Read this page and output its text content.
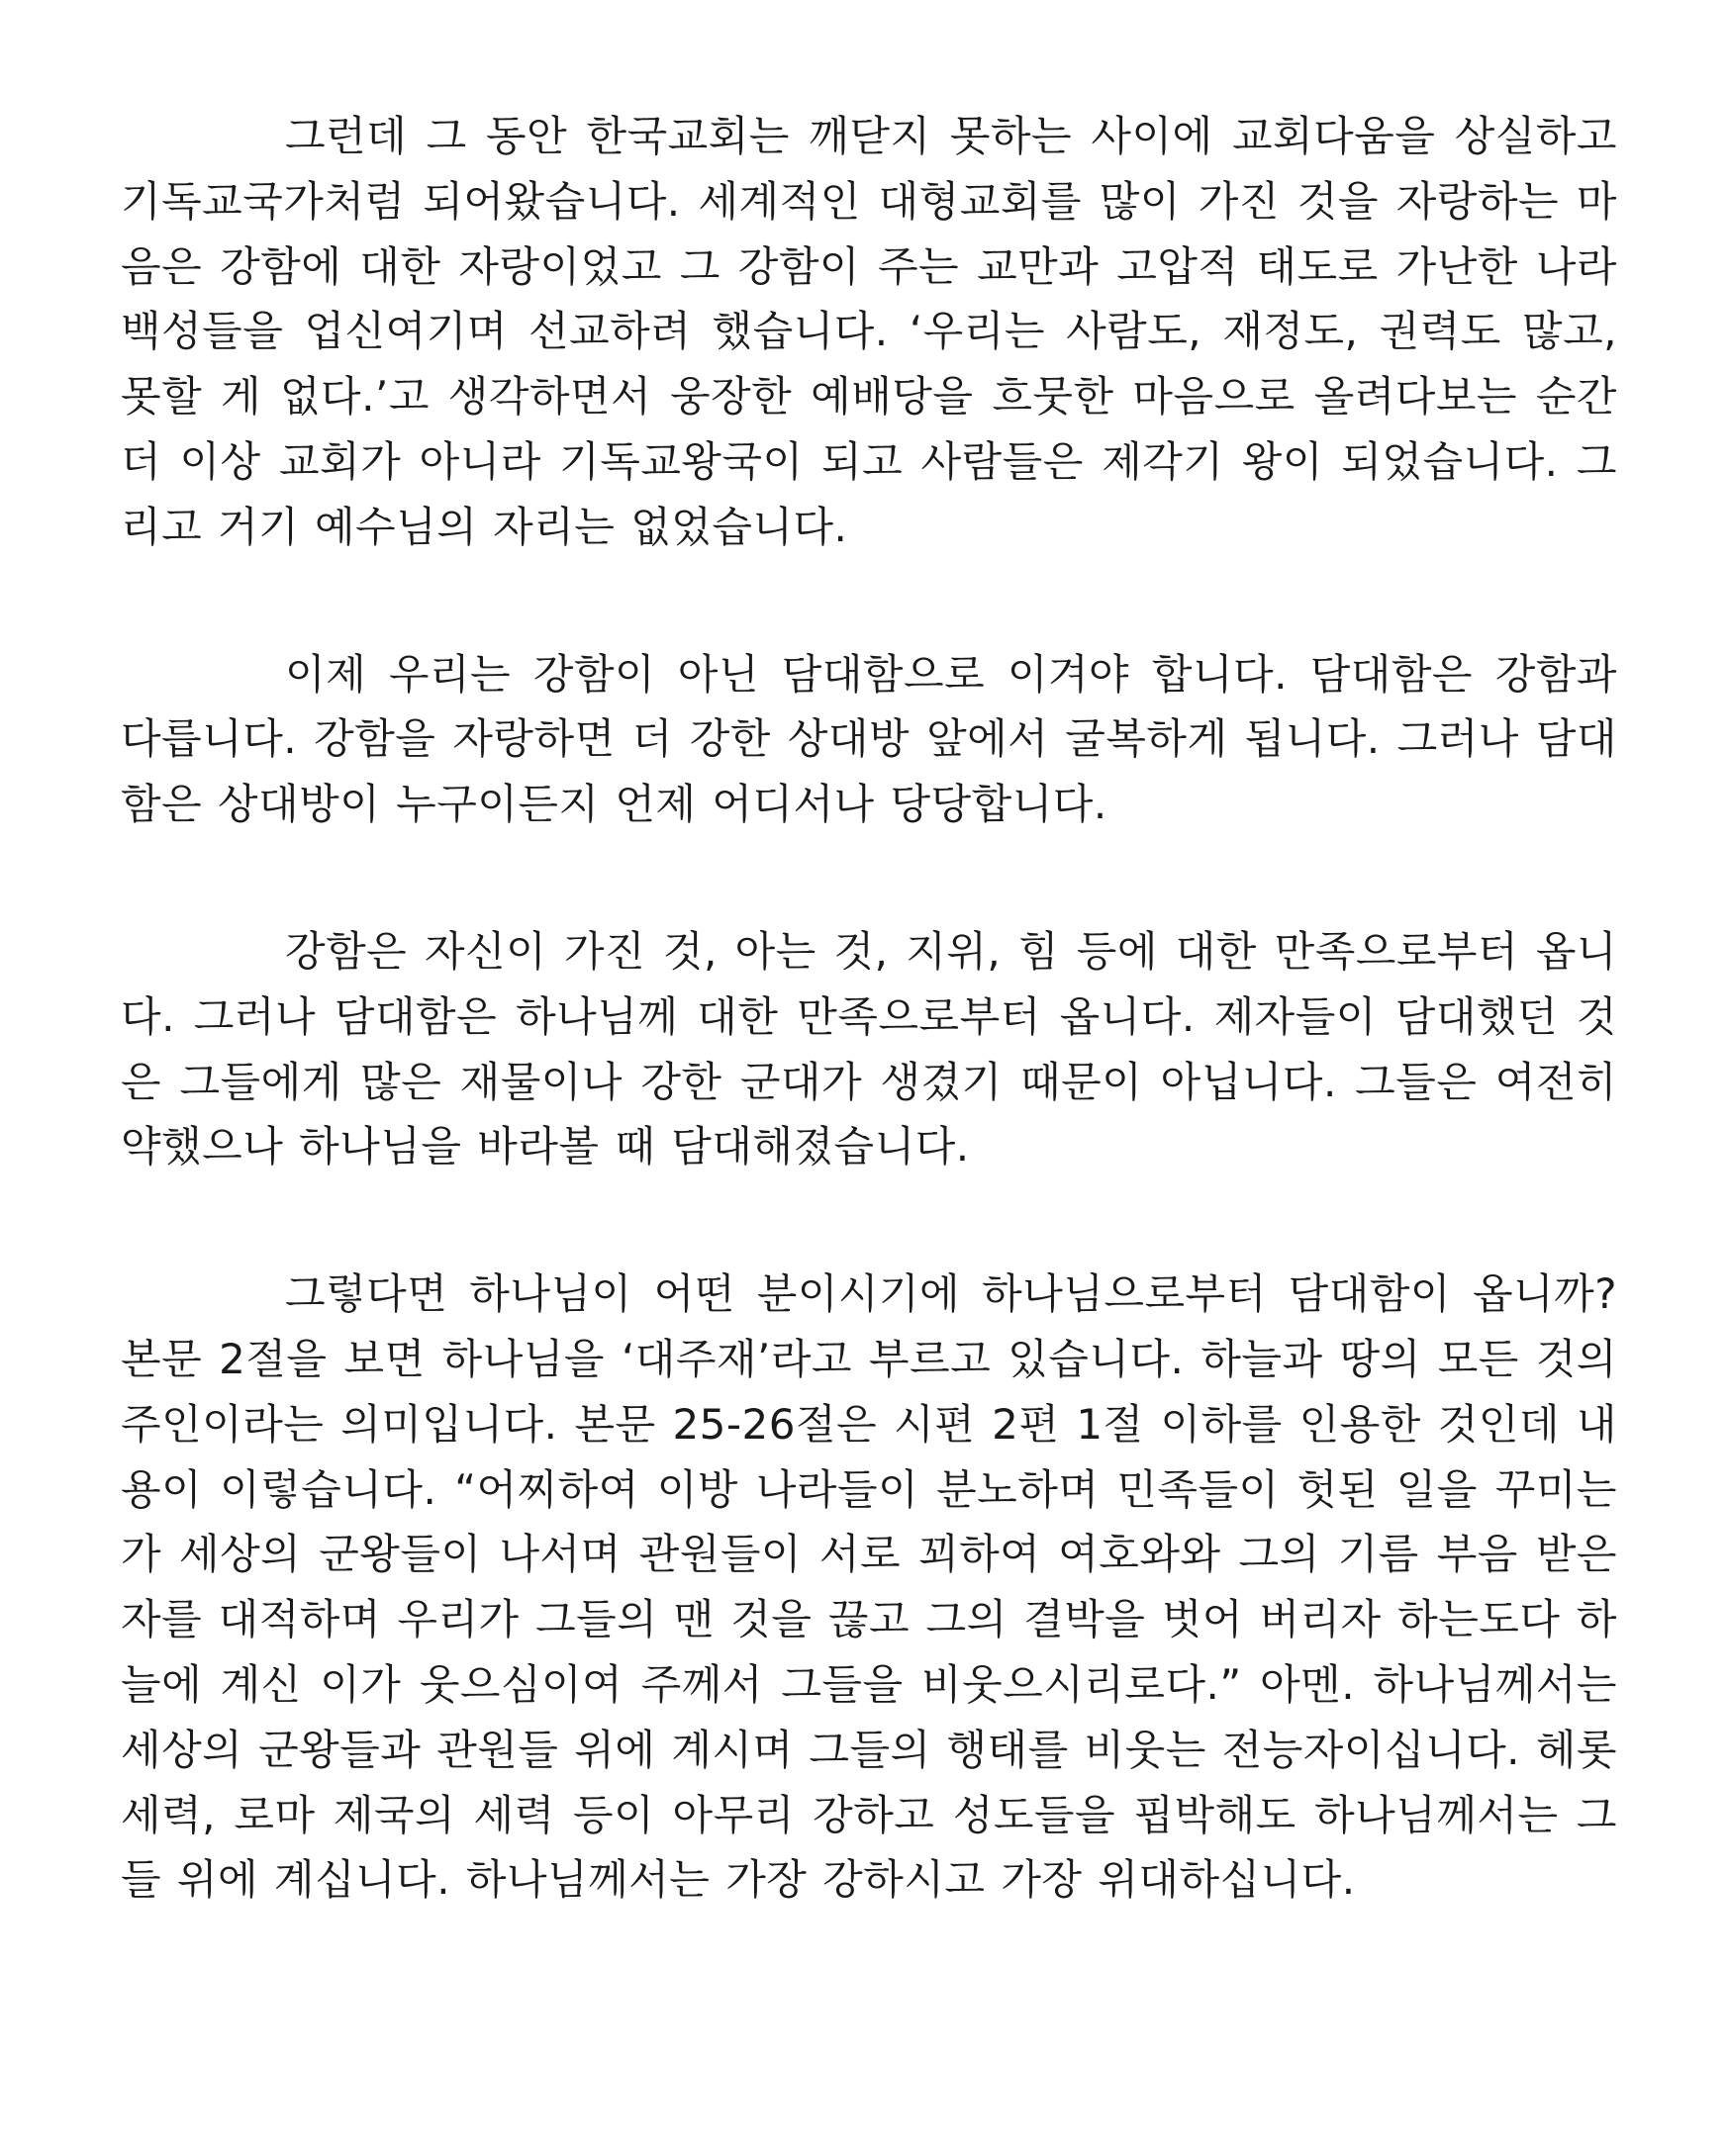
그런데 그 동안 한국교회는 깨닫지 못하는 사이에 교회다움을 상실하고 기독교국가처럼 되어왔습니다. 세계적인 대형교회를 많이 가진 것을 자랑하는 마음은 강함에 대한 자랑이었고 그 강함이 주는 교만과 고압적 태도로 가난한 나라 백성들을 업신여기며 선교하려 했습니다. ‘우리는 사람도, 재정도, 권력도 많고, 못할 게 없다.’고 생각하면서 웅장한 예배당을 흐뭇한 마음으로 올려다보는 순간 더 이상 교회가 아니라 기독교왕국이 되고 사람들은 제각기 왕이 되었습니다. 그리고 거기 예수님의 자리는 없었습니다.

이제 우리는 강함이 아닌 담대함으로 이겨야 합니다. 담대함은 강함과 다릅니다. 강함을 자랑하면 더 강한 상대방 앞에서 굴복하게 됩니다. 그러나 담대함은 상대방이 누구이든지 언제 어디서나 당당합니다.

강함은 자신이 가진 것, 아는 것, 지위, 힘 등에 대한 만족으로부터 옵니다. 그러나 담대함은 하나님께 대한 만족으로부터 옵니다. 제자들이 담대했던 것은 그들에게 많은 재물이나 강한 군대가 생겼기 때문이 아닙니다. 그들은 여전히 약했으나 하나님을 바라볼 때 담대해졌습니다.

그렇다면 하나님이 어떤 분이시기에 하나님으로부터 담대함이 옵니까? 본문 2절을 보면 하나님을 ‘대주재’라고 부르고 있습니다. 하늘과 땅의 모든 것의 주인이라는 의미입니다. 본문 25-26절은 시편 2편 1절 이하를 인용한 것인데 내용이 이렇습니다. “어찌하여 이방 나라들이 분노하며 민족들이 헛된 일을 꾸미는가 세상의 군왕들이 나서며 관원들이 서로 꾀하여 여호와와 그의 기름 부음 받은 자를 대적하며 우리가 그들의 맨 것을 끊고 그의 결박을 벗어 버리자 하는도다 하늘에 계신 이가 웃으심이여 주께서 그들을 비웃으시리로다.” 아멘. 하나님께서는 세상의 군왕들과 관원들 위에 계시며 그들의 행태를 비웃는 전능자이십니다. 헤롯 세력, 로마 제국의 세력 등이 아무리 강하고 성도들을 핍박해도 하나님께서는 그들 위에 계십니다. 하나님께서는 가장 강하시고 가장 위대하십니다.
